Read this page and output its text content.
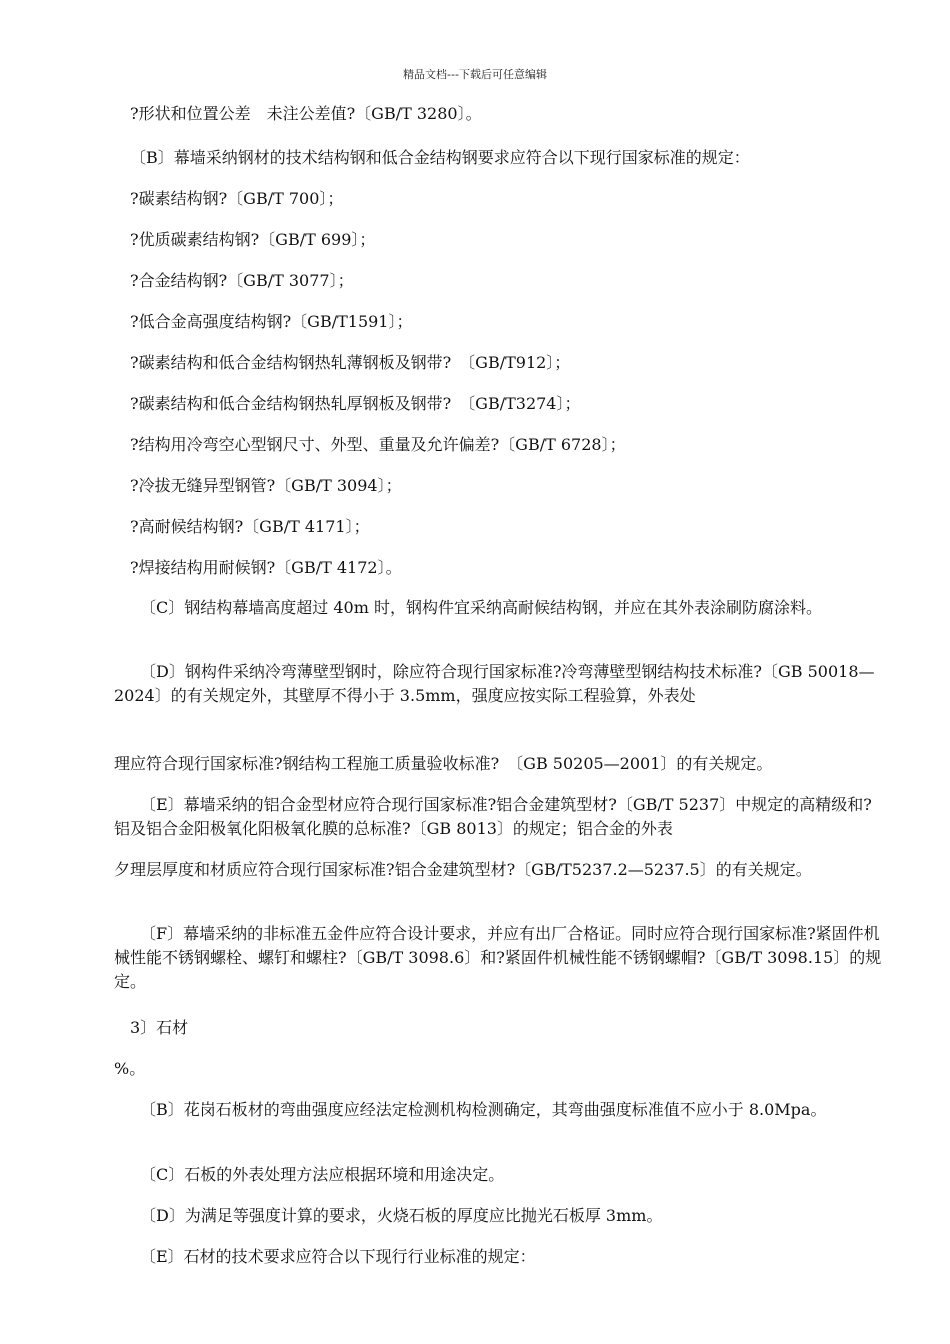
精品文档---下载后可任意编辑

?形状和位置公差　未注公差值?〔GB/T 3280〕。

〔B〕幕墙采纳钢材的技术结构钢和低合金结构钢要求应符合以下现行国家标准的规定：

?碳素结构钢?〔GB/T 700〕；

?优质碳素结构钢?〔GB/T 699〕；

?合金结构钢?〔GB/T 3077〕；

?低合金高强度结构钢?〔GB/T1591〕；

?碳素结构和低合金结构钢热轧薄钢板及钢带?　〔GB/T912〕；

?碳素结构和低合金结构钢热轧厚钢板及钢带?　〔GB/T3274〕；

?结构用冷弯空心型钢尺寸、外型、重量及允许偏差?〔GB/T 6728〕；

?冷拔无缝异型钢管?〔GB/T 3094〕；

?高耐候结构钢?〔GB/T 4171〕；

?焊接结构用耐候钢?〔GB/T 4172〕。

〔C〕钢结构幕墙高度超过 40m 时，钢构件宜采纳高耐候结构钢，并应在其外表涂刷防腐涂料。

〔D〕钢构件采纳冷弯薄壁型钢时，除应符合现行国家标准?冷弯薄壁型钢结构技术标准?〔GB 50018—2024〕的有关规定外，其壁厚不得小于 3.5mm，强度应按实际工程验算，外表处

理应符合现行国家标准?钢结构工程施工质量验收标准?　〔GB 50205—2001〕的有关规定。

〔E〕幕墙采纳的铝合金型材应符合现行国家标准?铝合金建筑型材?〔GB/T 5237〕中规定的高精级和?铝及铝合金阳极氧化阳极氧化膜的总标准?〔GB 8013〕的规定；铝合金的外表

夕理层厚度和材质应符合现行国家标准?铝合金建筑型材?〔GB/T5237.2—5237.5〕的有关规定。

〔F〕幕墙采纳的非标准五金件应符合设计要求，并应有出厂合格证。同时应符合现行国家标准?紧固件机械性能不锈钢螺栓、螺钉和螺柱?〔GB/T 3098.6〕和?紧固件机械性能不锈钢螺帽?〔GB/T 3098.15〕的规定。

3〕石材

%。

〔B〕花岗石板材的弯曲强度应经法定检测机构检测确定，其弯曲强度标准值不应小于 8.0Mpa。

〔C〕石板的外表处理方法应根据环境和用途决定。

〔D〕为满足等强度计算的要求，火烧石板的厚度应比抛光石板厚 3mm。

〔E〕石材的技术要求应符合以下现行行业标准的规定：
